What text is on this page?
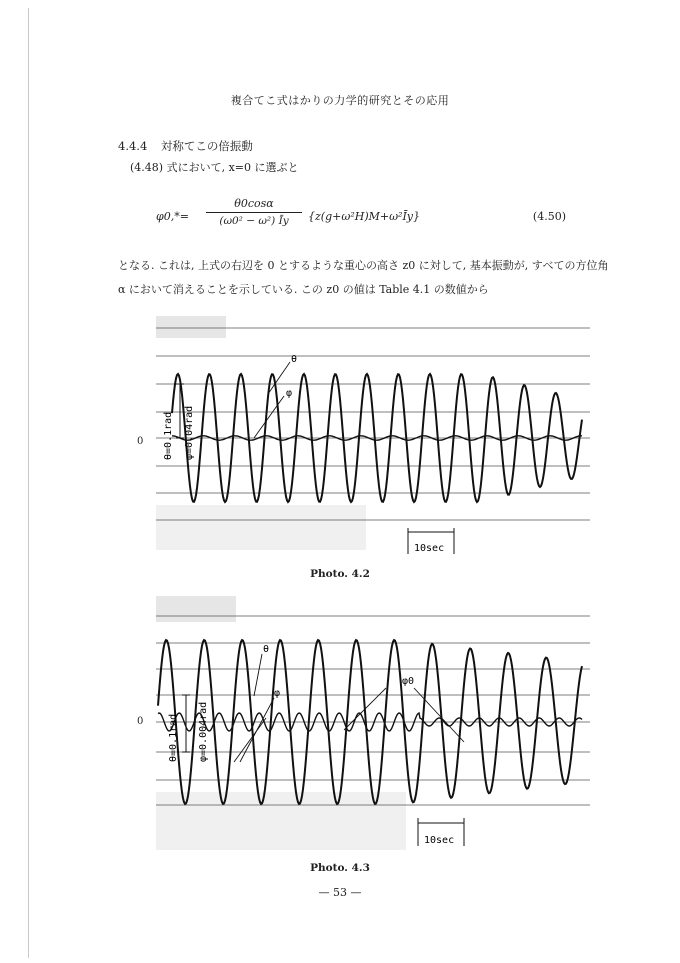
複合てこ式はかりの力学的研究とその応用
4.4.4 対称てこの倍振動
(4.48) 式において, x=0 に選ぶと
φ0,*=
θ0cosα
(ω0² − ω²) Īy	{z(g+ω²H)M+ω²Īy}	(4.50)
となる. これは, 上式の右辺を 0 とするような重心の高さ z0 に対して, 基本振動が, すべての方位角 α において消えることを示している. この z0 の値は Table 4.1 の数値から
0
θ
φ
θ=0.1rad φ=0.04rad
10sec
Photo. 4.2
0
θ
φ
φ0
θ=0.1rad φ=0.004rad
10sec
Photo. 4.3
— 53 —
